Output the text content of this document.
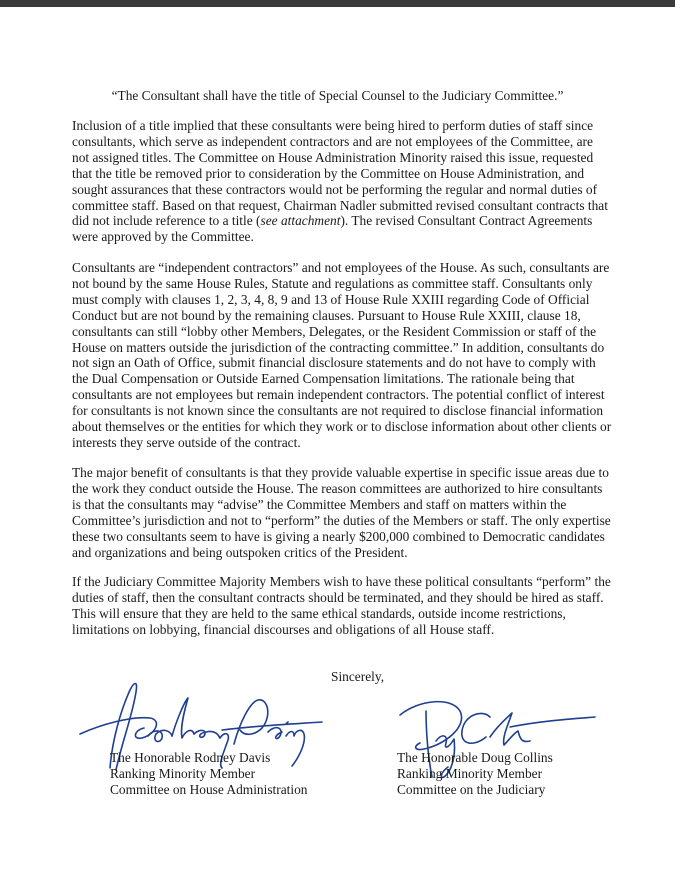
“The Consultant shall have the title of Special Counsel to the Judiciary Committee.”

Inclusion of a title implied that these consultants were being hired to perform duties of staff since consultants, which serve as independent contractors and are not employees of the Committee, are not assigned titles. The Committee on House Administration Minority raised this issue, requested that the title be removed prior to consideration by the Committee on House Administration, and sought assurances that these contractors would not be performing the regular and normal duties of committee staff. Based on that request, Chairman Nadler submitted revised consultant contracts that did not include reference to a title (see attachment). The revised Consultant Contract Agreements were approved by the Committee.

Consultants are “independent contractors” and not employees of the House. As such, consultants are not bound by the same House Rules, Statute and regulations as committee staff. Consultants only must comply with clauses 1, 2, 3, 4, 8, 9 and 13 of House Rule XXIII regarding Code of Official Conduct but are not bound by the remaining clauses. Pursuant to House Rule XXIII, clause 18, consultants can still “lobby other Members, Delegates, or the Resident Commission or staff of the House on matters outside the jurisdiction of the contracting committee.” In addition, consultants do not sign an Oath of Office, submit financial disclosure statements and do not have to comply with the Dual Compensation or Outside Earned Compensation limitations. The rationale being that consultants are not employees but remain independent contractors. The potential conflict of interest for consultants is not known since the consultants are not required to disclose financial information about themselves or the entities for which they work or to disclose information about other clients or interests they serve outside of the contract.

The major benefit of consultants is that they provide valuable expertise in specific issue areas due to the work they conduct outside the House. The reason committees are authorized to hire consultants is that the consultants may “advise” the Committee Members and staff on matters within the Committee’s jurisdiction and not to “perform” the duties of the Members or staff. The only expertise these two consultants seem to have is giving a nearly $200,000 combined to Democratic candidates and organizations and being outspoken critics of the President.

If the Judiciary Committee Majority Members wish to have these political consultants “perform” the duties of staff, then the consultant contracts should be terminated, and they should be hired as staff. This will ensure that they are held to the same ethical standards, outside income restrictions, limitations on lobbying, financial discourses and obligations of all House staff.

Sincerely,

The Honorable Rodney Davis
Ranking Minority Member
Committee on House Administration
The Honorable Doug Collins
Ranking Minority Member
Committee on the Judiciary
